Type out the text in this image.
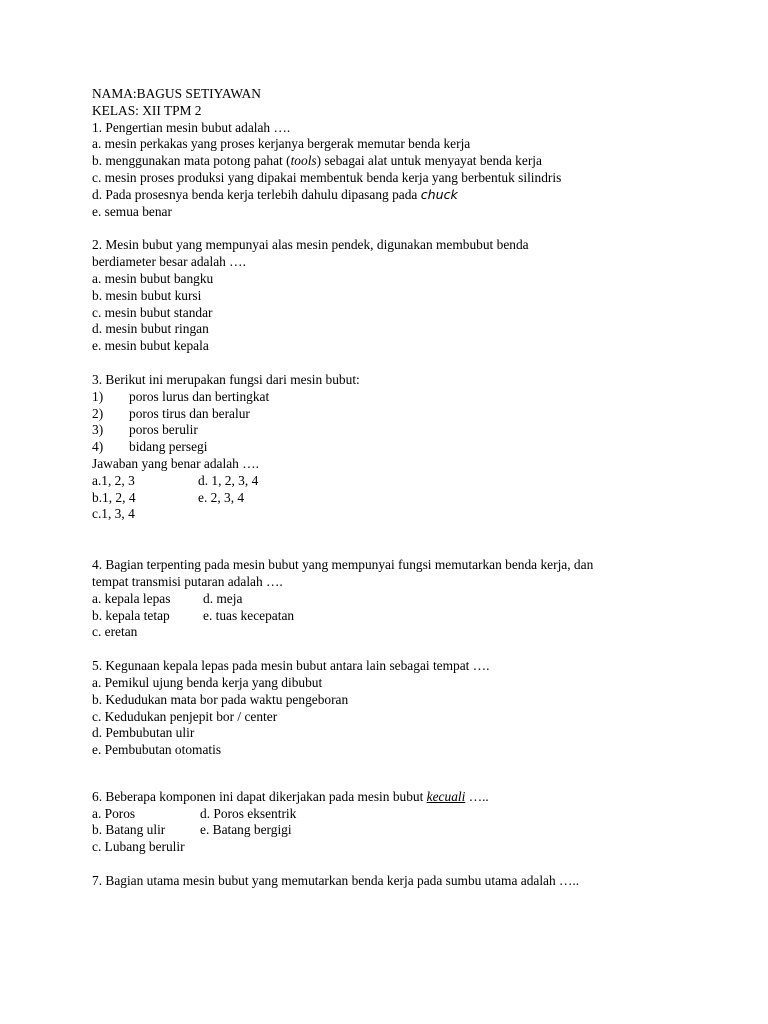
NAMA:BAGUS SETIYAWAN
KELAS: XII TPM 2
1. Pengertian mesin bubut adalah ….
a. mesin perkakas yang proses kerjanya bergerak memutar benda kerja
b. menggunakan mata potong pahat (tools) sebagai alat untuk menyayat benda kerja
c. mesin proses produksi yang dipakai membentuk benda kerja yang berbentuk silindris
d. Pada prosesnya benda kerja terlebih dahulu dipasang pada chuck
e. semua benar
2. Mesin bubut yang mempunyai alas mesin pendek, digunakan membubut benda
berdiameter besar adalah ….
a. mesin bubut bangku
b. mesin bubut kursi
c. mesin bubut standar
d. mesin bubut ringan
e. mesin bubut kepala
3. Berikut ini merupakan fungsi dari mesin bubut:
1)	poros lurus dan bertingkat
2)	poros tirus dan beralur
3)	poros berulir
4)	bidang persegi
Jawaban yang benar adalah ….
a.1, 2, 3	d. 1, 2, 3, 4
b.1, 2, 4	e. 2, 3, 4
c.1, 3, 4
4. Bagian terpenting pada mesin bubut yang mempunyai fungsi memutarkan benda kerja, dan
tempat transmisi putaran adalah ….
a. kepala lepas	d. meja
b. kepala tetap	e. tuas kecepatan
c. eretan
5. Kegunaan kepala lepas pada mesin bubut antara lain sebagai tempat ….
a. Pemikul ujung benda kerja yang dibubut
b. Kedudukan mata bor pada waktu pengeboran
c. Kedudukan penjepit bor / center
d. Pembubutan ulir
e. Pembubutan otomatis
6. Beberapa komponen ini dapat dikerjakan pada mesin bubut kecuali …..
a. Poros	d. Poros eksentrik
b. Batang ulir	e. Batang bergigi
c. Lubang berulir
7. Bagian utama mesin bubut yang memutarkan benda kerja pada sumbu utama adalah …..
